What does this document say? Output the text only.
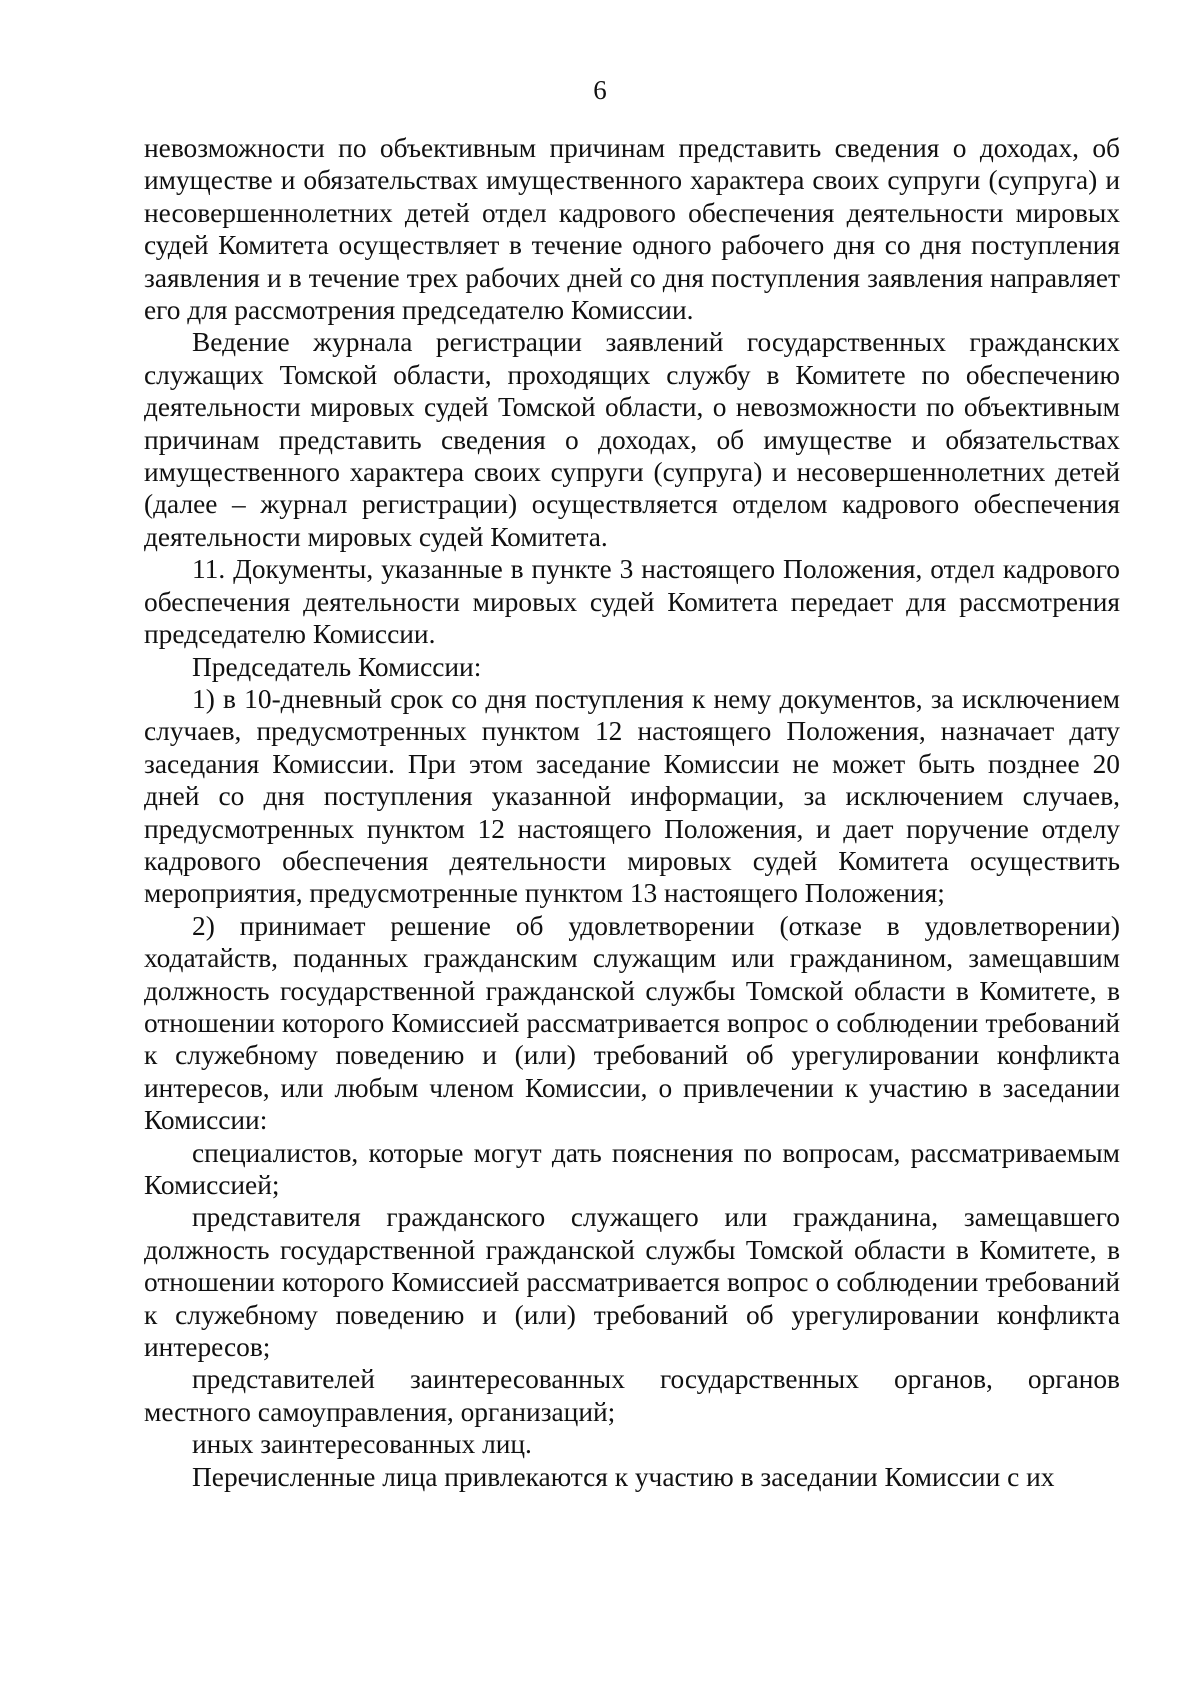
6

невозможности по объективным причинам представить сведения о доходах, об имуществе и обязательствах имущественного характера своих супруги (супруга) и несовершеннолетних детей отдел кадрового обеспечения деятельности мировых судей Комитета осуществляет в течение одного рабочего дня со дня поступления заявления и в течение трех рабочих дней со дня поступления заявления направляет его для рассмотрения председателю Комиссии.

Ведение журнала регистрации заявлений государственных гражданских служащих Томской области, проходящих службу в Комитете по обеспечению деятельности мировых судей Томской области, о невозможности по объективным причинам представить сведения о доходах, об имуществе и обязательствах имущественного характера своих супруги (супруга) и несовершеннолетних детей (далее – журнал регистрации) осуществляется отделом кадрового обеспечения деятельности мировых судей Комитета.

11. Документы, указанные в пункте 3 настоящего Положения, отдел кадрового обеспечения деятельности мировых судей Комитета передает для рассмотрения председателю Комиссии.

Председатель Комиссии:

1) в 10-дневный срок со дня поступления к нему документов, за исключением случаев, предусмотренных пунктом 12 настоящего Положения, назначает дату заседания Комиссии. При этом заседание Комиссии не может быть позднее 20 дней со дня поступления указанной информации, за исключением случаев, предусмотренных пунктом 12 настоящего Положения, и дает поручение отделу кадрового обеспечения деятельности мировых судей Комитета осуществить мероприятия, предусмотренные пунктом 13 настоящего Положения;

2) принимает решение об удовлетворении (отказе в удовлетворении) ходатайств, поданных гражданским служащим или гражданином, замещавшим должность государственной гражданской службы Томской области в Комитете, в отношении которого Комиссией рассматривается вопрос о соблюдении требований к служебному поведению и (или) требований об урегулировании конфликта интересов, или любым членом Комиссии, о привлечении к участию в заседании Комиссии:

специалистов, которые могут дать пояснения по вопросам, рассматриваемым Комиссией;

представителя гражданского служащего или гражданина, замещавшего должность государственной гражданской службы Томской области в Комитете, в отношении которого Комиссией рассматривается вопрос о соблюдении требований к служебному поведению и (или) требований об урегулировании конфликта интересов;

представителей заинтересованных государственных органов, органов местного самоуправления, организаций;

иных заинтересованных лиц.

Перечисленные лица привлекаются к участию в заседании Комиссии с их
